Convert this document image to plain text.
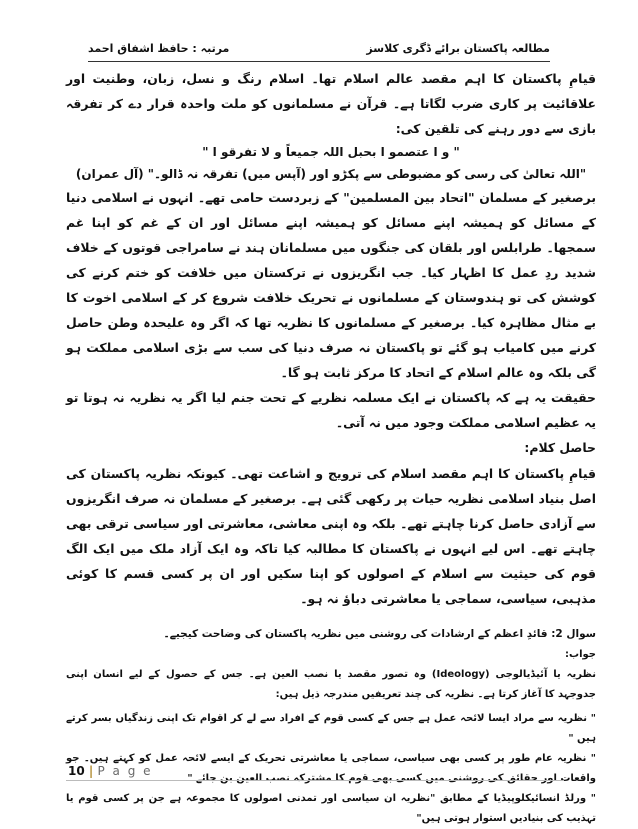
مطالعہ پاکستان برائے ڈگری کلاسز
مرتبہ : حافظ اشفاق احمد

قیامِ پاکستان کا اہم مقصد عالم اسلام تھا۔ اسلام رنگ و نسل، زبان، وطنیت اور علاقائیت پر کاری ضرب لگاتا ہے۔ قرآن نے مسلمانوں کو ملت واحدہ قرار دے کر تفرقہ بازی سے دور رہنے کی تلقین کی:

" و ا عتصمو ا بحبل اللہ جمیعاً و لا تفرقو ا "

"اللہ تعالیٰ کی رسی کو مضبوطی سے پکڑو اور (آپس میں) تفرقہ نہ ڈالو۔" (آل عمران)

برصغیر کے مسلمان "اتحاد بین المسلمین" کے زبردست حامی تھے۔ انہوں نے اسلامی دنیا کے مسائل کو ہمیشہ اپنے مسائل کو ہمیشہ اپنے مسائل اور ان کے غم کو اپنا غم سمجھا۔ طرابلس اور بلقان کی جنگوں میں مسلمانان ہند نے سامراجی قوتوں کے خلاف شدید ردِ عمل کا اظہار کیا۔ جب انگریزوں نے ترکستان میں خلافت کو ختم کرنے کی کوشش کی تو ہندوستان کے مسلمانوں نے تحریک خلافت شروع کر کے اسلامی اخوت کا بے مثال مظاہرہ کیا۔ برصغیر کے مسلمانوں کا نظریہ تھا کہ اگر وہ علیحدہ وطن حاصل کرنے میں کامیاب ہو گئے تو پاکستان نہ صرف دنیا کی سب سے بڑی اسلامی مملکت ہو گی بلکہ وہ عالم اسلام کے اتحاد کا مرکز ثابت ہو گا۔

حقیقت یہ ہے کہ پاکستان نے ایک مسلمہ نظریے کے تحت جنم لیا اگر یہ نظریہ نہ ہوتا تو یہ عظیم اسلامی مملکت وجود میں نہ آتی۔

حاصل کلام:

قیامِ پاکستان کا اہم مقصد اسلام کی ترویج و اشاعت تھی۔ کیونکہ نظریہ پاکستان کی اصل بنیاد اسلامی نظریہ حیات پر رکھی گئی ہے۔ برصغیر کے مسلمان نہ صرف انگریزوں سے آزادی حاصل کرنا چاہتے تھے۔ بلکہ وہ اپنی معاشی، معاشرتی اور سیاسی ترقی بھی چاہتے تھے۔ اس لیے انہوں نے پاکستان کا مطالبہ کیا تاکہ وہ ایک آزاد ملک میں ایک الگ قوم کی حیثیت سے اسلام کے اصولوں کو اپنا سکیں اور ان پر کسی قسم کا کوئی مذہبی، سیاسی، سماجی یا معاشرتی دباؤ نہ ہو۔

سوال 2: قائدِ اعظم کے ارشادات کی روشنی میں نظریہ پاکستان کی وضاحت کیجیے۔

جواب:

نظریہ یا آئیڈیالوجی (Ideology) وہ تصور مقصد یا نصب العین ہے۔ جس کے حصول کے لیے انسان اپنی جدوجہد کا آغاز کرتا ہے۔ نظریہ کی چند تعریفیں مندرجہ ذیل ہیں:

" نظریہ سے مراد ایسا لائحہ عمل ہے جس کے کسی قوم کے افراد سے لے کر اقوام تک اپنی زندگیاں بسر کرتے ہیں "

" نظریہ عام طور پر کسی بھی سیاسی، سماجی یا معاشرتی تحریک کے ایسے لائحہ عمل کو کہتے ہیں۔ جو واقعات اور حقائق کی روشنی میں کسی بھی قوم کا مشترکہ نصب العین بن جائے "

" ورلڈ انسائیکلوپیڈیا کے مطابق "نظریہ ان سیاسی اور تمدنی اصولوں کا مجموعہ ہے جن پر کسی قوم یا تہذیب کی بنیادیں استوار ہوتی ہیں"

10 | P a g e
